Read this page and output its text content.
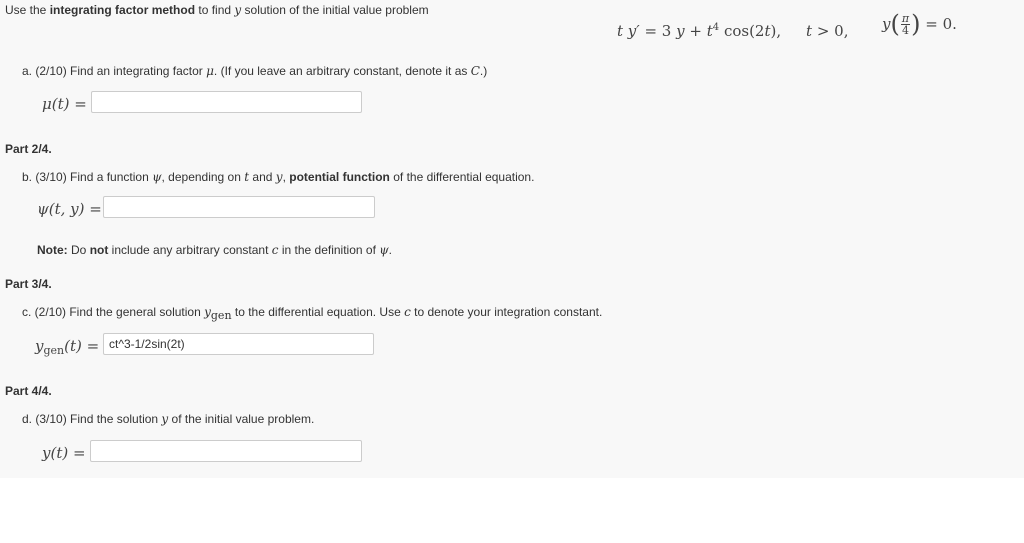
Use the integrating factor method to find y solution of the initial value problem
t y′ = 3 $y + t^4$ cos(2t), t > 0, $y( \frac{\pi}{4}$ ) = 0.
a. (2/10) Find an integrating factor μ. (If you leave an arbitrary constant, denote it as C.)
μ(t) =
Part 2/4.
b. (3/10) Find a function ψ, depending on t and y, potential function of the differential equation.
ψ(t, y) =
Note: Do not include any arbitrary constant c in the definition of ψ.
Part 3/4.
c. (2/10) Find the general solution ygen to the differential equation. Use c to denote your integration constant.
$y_{gen}(t)$ =
ct^3-1/2sin(2t)
Part 4/4.
d. (3/10) Find the solution y of the initial value problem.
y(t) =
